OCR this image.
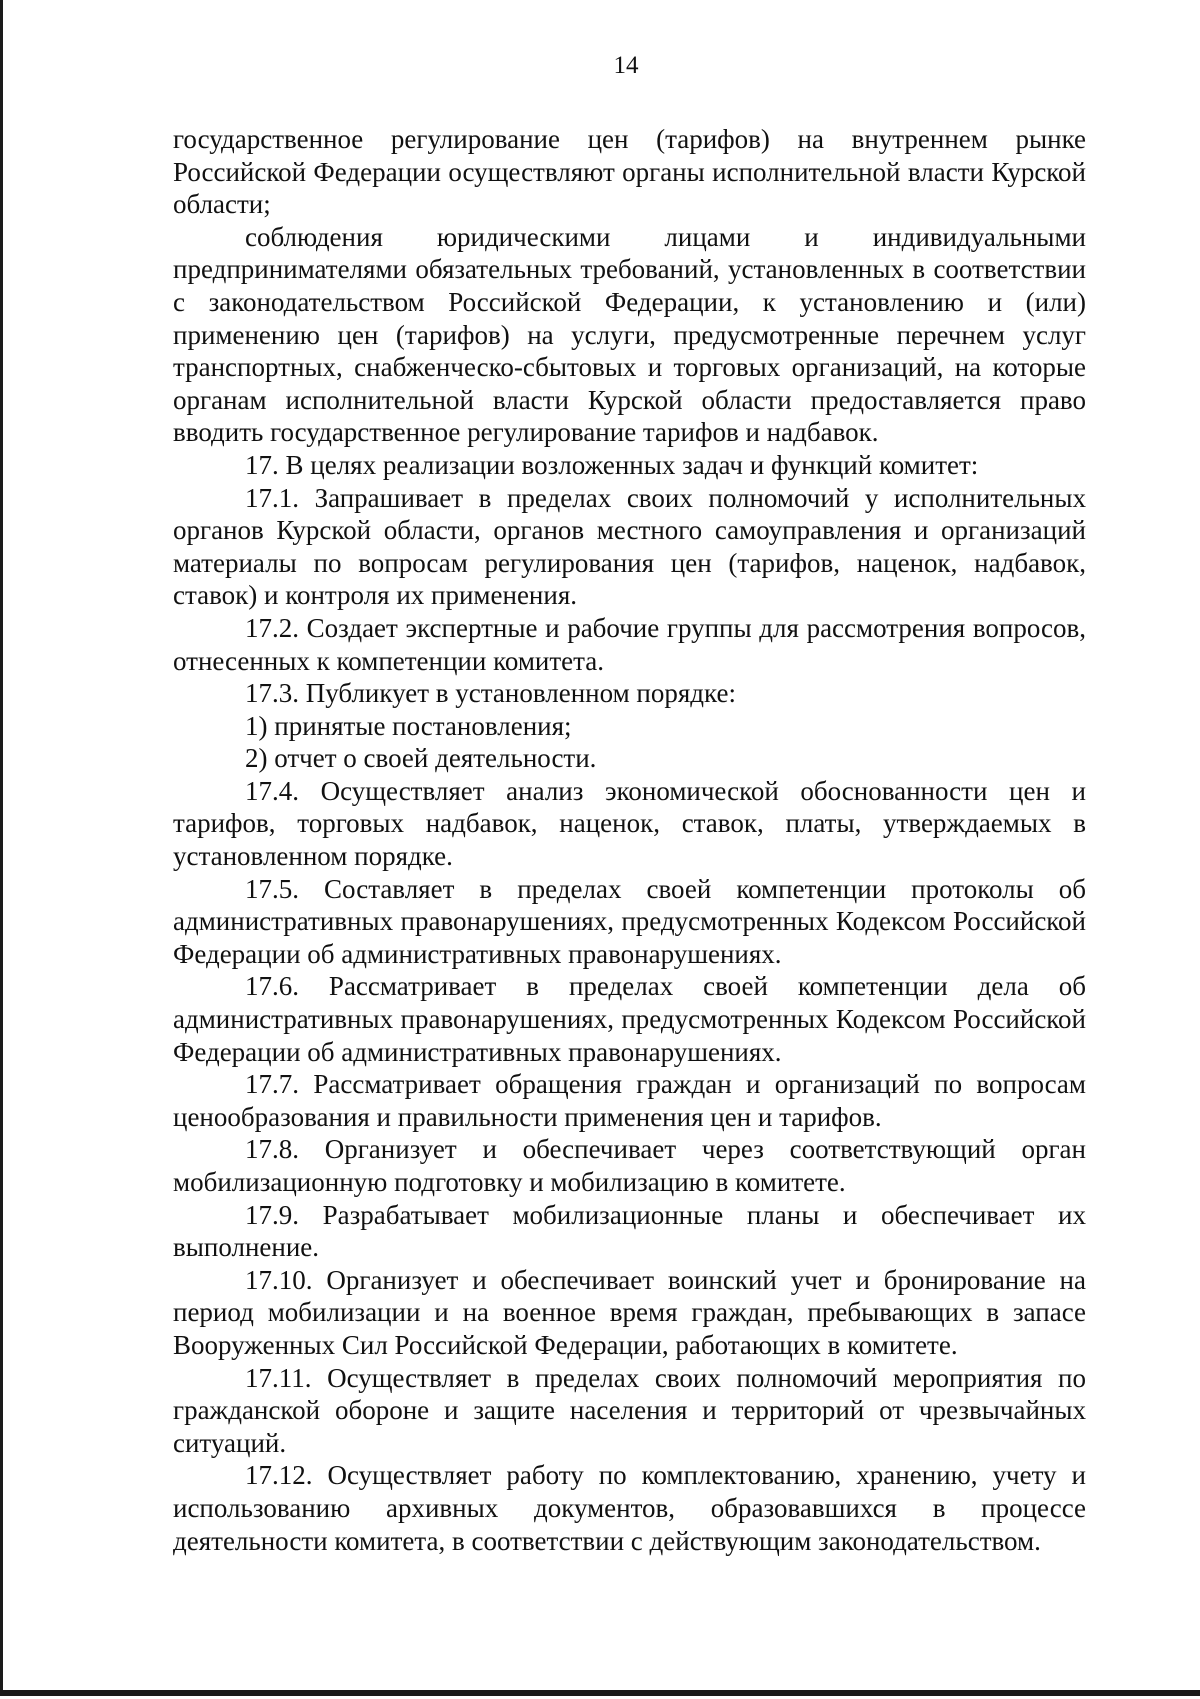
14

государственное регулирование цен (тарифов) на внутреннем рынке Российской Федерации осуществляют органы исполнительной власти Курской области;

соблюдения юридическими лицами и индивидуальными предпринимателями обязательных требований, установленных в соответствии с законодательством Российской Федерации, к установлению и (или) применению цен (тарифов) на услуги, предусмотренные перечнем услуг транспортных, снабженческо-сбытовых и торговых организаций, на которые органам исполнительной власти Курской области предоставляется право вводить государственное регулирование тарифов и надбавок.

17. В целях реализации возложенных задач и функций комитет:

17.1. Запрашивает в пределах своих полномочий у исполнительных органов Курской области, органов местного самоуправления и организаций материалы по вопросам регулирования цен (тарифов, наценок, надбавок, ставок) и контроля их применения.

17.2. Создает экспертные и рабочие группы для рассмотрения вопросов, отнесенных к компетенции комитета.

17.3. Публикует в установленном порядке:

1) принятые постановления;

2) отчет о своей деятельности.

17.4. Осуществляет анализ экономической обоснованности цен и тарифов, торговых надбавок, наценок, ставок, платы, утверждаемых в установленном порядке.

17.5. Составляет в пределах своей компетенции протоколы об административных правонарушениях, предусмотренных Кодексом Российской Федерации об административных правонарушениях.

17.6. Рассматривает в пределах своей компетенции дела об административных правонарушениях, предусмотренных Кодексом Российской Федерации об административных правонарушениях.

17.7. Рассматривает обращения граждан и организаций по вопросам ценообразования и правильности применения цен и тарифов.

17.8. Организует и обеспечивает через соответствующий орган мобилизационную подготовку и мобилизацию в комитете.

17.9. Разрабатывает мобилизационные планы и обеспечивает их выполнение.

17.10. Организует и обеспечивает воинский учет и бронирование на период мобилизации и на военное время граждан, пребывающих в запасе Вооруженных Сил Российской Федерации, работающих в комитете.

17.11. Осуществляет в пределах своих полномочий мероприятия по гражданской обороне и защите населения и территорий от чрезвычайных ситуаций.

17.12. Осуществляет работу по комплектованию, хранению, учету и использованию архивных документов, образовавшихся в процессе деятельности комитета, в соответствии с действующим законодательством.
